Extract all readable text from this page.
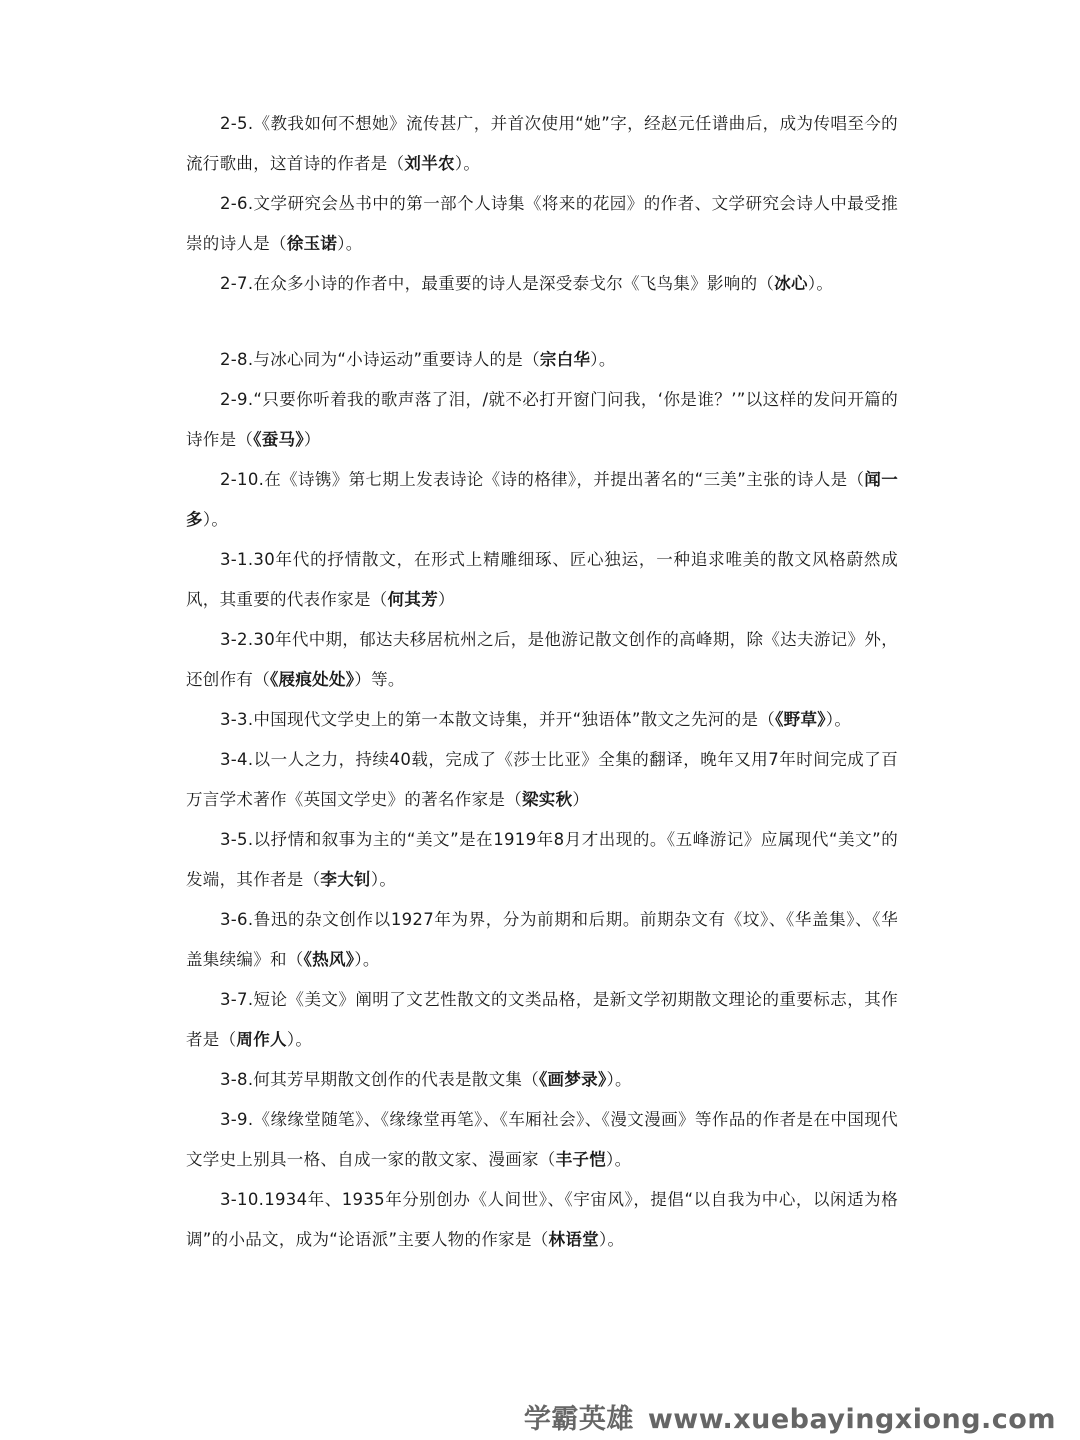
2-5.《教我如何不想她》流传甚广，并首次使用“她”字，经赵元任谱曲后，成为传唱至今的流行歌曲，这首诗的作者是（刘半农）。

2-6.文学研究会丛书中的第一部个人诗集《将来的花园》的作者、文学研究会诗人中最受推崇的诗人是（徐玉诺）。

2-7.在众多小诗的作者中，最重要的诗人是深受泰戈尔《飞鸟集》影响的（冰心）。

2-8.与冰心同为“小诗运动”重要诗人的是（宗白华）。

2-9.“只要你听着我的歌声落了泪，/就不必打开窗门问我，‘你是谁？’”以这样的发问开篇的诗作是（《蚕马》）

2-10.在《诗镌》第七期上发表诗论《诗的格律》，并提出著名的“三美”主张的诗人是（闻一多）。

3-1.30年代的抒情散文，在形式上精雕细琢、匠心独运，一种追求唯美的散文风格蔚然成风，其重要的代表作家是（何其芳）

3-2.30年代中期，郁达夫移居杭州之后，是他游记散文创作的高峰期，除《达夫游记》外，还创作有（《屐痕处处》）等。

3-3.中国现代文学史上的第一本散文诗集，并开“独语体”散文之先河的是（《野草》）。

3-4.以一人之力，持续40载，完成了《莎士比亚》全集的翻译，晚年又用7年时间完成了百万言学术著作《英国文学史》的著名作家是（梁实秋）

3-5.以抒情和叙事为主的“美文”是在1919年8月才出现的。《五峰游记》应属现代“美文”的发端，其作者是（李大钊）。

3-6.鲁迅的杂文创作以1927年为界，分为前期和后期。前期杂文有《坟》、《华盖集》、《华盖集续编》和（《热风》）。

3-7.短论《美文》阐明了文艺性散文的文类品格，是新文学初期散文理论的重要标志，其作者是（周作人）。

3-8.何其芳早期散文创作的代表是散文集（《画梦录》）。

3-9.《缘缘堂随笔》、《缘缘堂再笔》、《车厢社会》、《漫文漫画》等作品的作者是在中国现代文学史上别具一格、自成一家的散文家、漫画家（丰子恺）。

3-10.1934年、1935年分别创办《人间世》、《宇宙风》，提倡“以自我为中心，以闲适为格调”的小品文，成为“论语派”主要人物的作家是（林语堂）。

学霸英雄 www.xuebayingxiong.com
